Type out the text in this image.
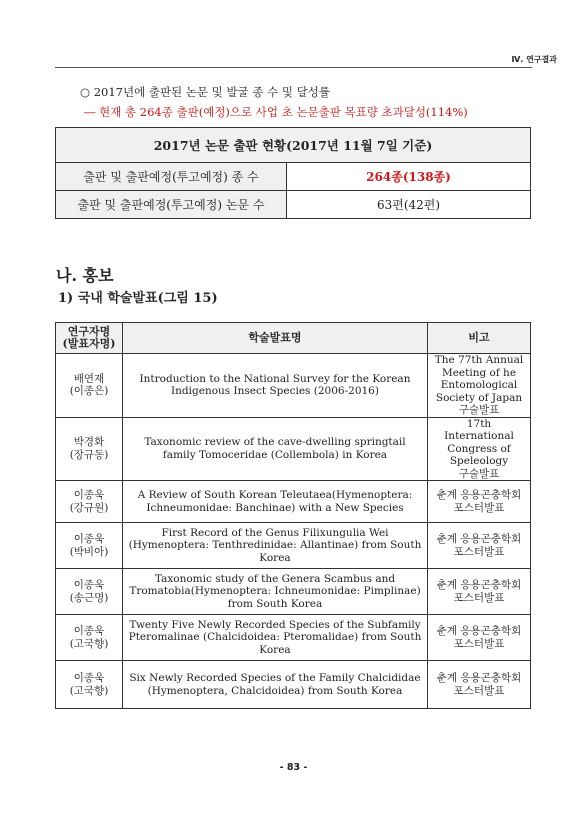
Ⅳ. 연구결과
○ 2017년에 출판된 논문 및 발굴 종 수 및 달성률
― 현재 총 264종 출판(예정)으로 사업 초 논문출판 목표량 초과달성(114%)
2017년 논문 출판 현황(2017년 11월 7일 기준)	
출판 및 출판예정(투고예정) 종 수	264종(138종)
출판 및 출판예정(투고예정) 논문 수	63편(42편)
나. 홍보
1) 국내 학술발표(그림 15)
연구자명
(발표자명)	학술발표명	비고

배연재
(이종은)	Introduction to the National Survey for the Korean Indigenous Insect Species (2006-2016)	The 77th Annual
Meeting of he
Entomological
Society of Japan
구술발표

박경화
(장규동)	Taxonomic review of the cave-dwelling springtail family Tomoceridae (Collembola) in Korea	17th International
Congress of
Speleology
구술발표

이종욱
(강규원)	A Review of South Korean Teleutaea(Hymenoptera: Ichneumonidae: Banchinae) with a New Species	춘계 응용곤충학회
포스터발표

이종욱
(박비아)	First Record of the Genus Filixungulia Wei (Hymenoptera: Tenthredinidae: Allantinae) from South Korea	춘계 응용곤충학회
포스터발표

이종욱
(송근명)	Taxonomic study of the Genera Scambus and Tromatobia(Hymenoptera: Ichneumonidae: Pimplinae) from South Korea	춘계 응용곤충학회
포스터발표

이종욱
(고국향)	Twenty Five Newly Recorded Species of the Subfamily Pteromalinae (Chalcidoidea: Pteromalidae) from South Korea	춘계 응용곤충학회
포스터발표

이종욱
(고국향)	Six Newly Recorded Species of the Family Chalcididae (Hymenoptera, Chalcidoidea) from South Korea	춘계 응용곤충학회
포스터발표
- 83 -
